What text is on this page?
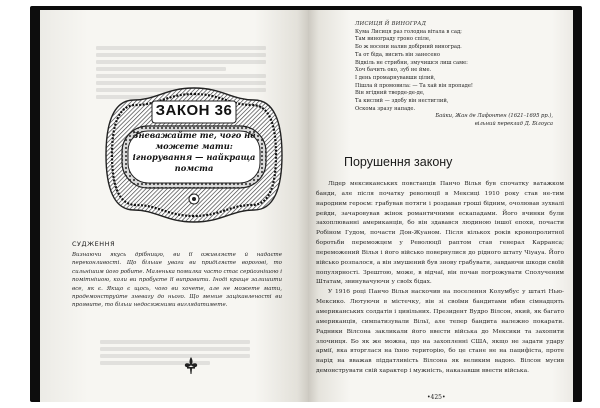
ЗАКОН 36
Зневажайте те, чого не можете мати: ігнорування — найкраща помста
СУДЖЕННЯ
Визнаючи якусь дрібницю, ви її оживляєте й надаєте переконливості. Що більше уваги ви приділяєте ворогові, то сильнішим його робите. Маленька помилка часто стає серйознішою і помітнішою, коли ви пробуєте її виправити. Іноді краще залишити все, як є. Якщо є щось, чого ви хочете, але не можете мати, продемонструйте зневагу до нього. Що менше зацікавленості ви проявите, то більш недосяжними виглядатимете.
ЛИСИЦЯ Й ВИНОГРАД
Кума Лисиця раз голодна вiтала в сад;
Там винограду гроно спiле,
Бо ж восени налив добiрний виноград.
Та от бiда, висить вiн занесено
Вiдкiль не стрибни, змучишся лиш саме:
Хоч бачить око, зуб не йме.
I день промарнувавши цiлий,
Пiшла й промовила: — Та хай вiн пропаде!
Вiн ягiдний тверде-де-де,
Та кислий — здобу вiн нестиглий,
Оскома зразу нападе.
Байки, Жан де Лафонтен (1621–1695 рр.),
вiльний переклад Д. Білоуса
Порушення закону

Лідер мексиканських повстанців Панчо Вілья був спочатку ватажком банди, але після початку революції в Мексиці 1910 року став не-тим народним героєм: грабував потяги і роздавав гроші бідним, очолював зухвалі рейди, зачаровував жінок романтичними ескападами. Його вчинки були захоплюванні американців, бо він здавався людиною іншої епохи, почасти Робіном Гудом, почасти Дон-Жуаном. Після кількох років кровопролитної боротьби переможцем у Революції раптом став генерал Карранса; переможений Вілья і його військо повернулися до рідного штату Чіуауа. Його військо розпалося, а він змушений був знову грабувати, завдаючи шкоди своїй популярності. Зрештою, може, в відчаї, він почав погрожувати Сполученим Штатам, звинувачуючи у своїх бідах.

У 1916 році Панчо Вілья наскочив на поселення Колумбус у штаті Нью-Мексико. Лютуючи в містечку, він зі своїми бандитами вбив сімнадцять американських солдатів і цивільних. Президент Вудро Вілсон, який, як багато американців, симпатизували Вільї, але тепер бандита належно покарати. Радники Вілсона закликали його ввести війська до Мексики та захопити злочинця. Бо як же можна, що на захопленні США, якщо не задати удару армії, яка вторглася на їхню територію, бо це стане не на пацифіста, проте нарід на вважав піддатливість Вілсона як великим вадою. Вілсон мусив демонструвати свій характер і мужність, наказавши ввести війська.

•425•
